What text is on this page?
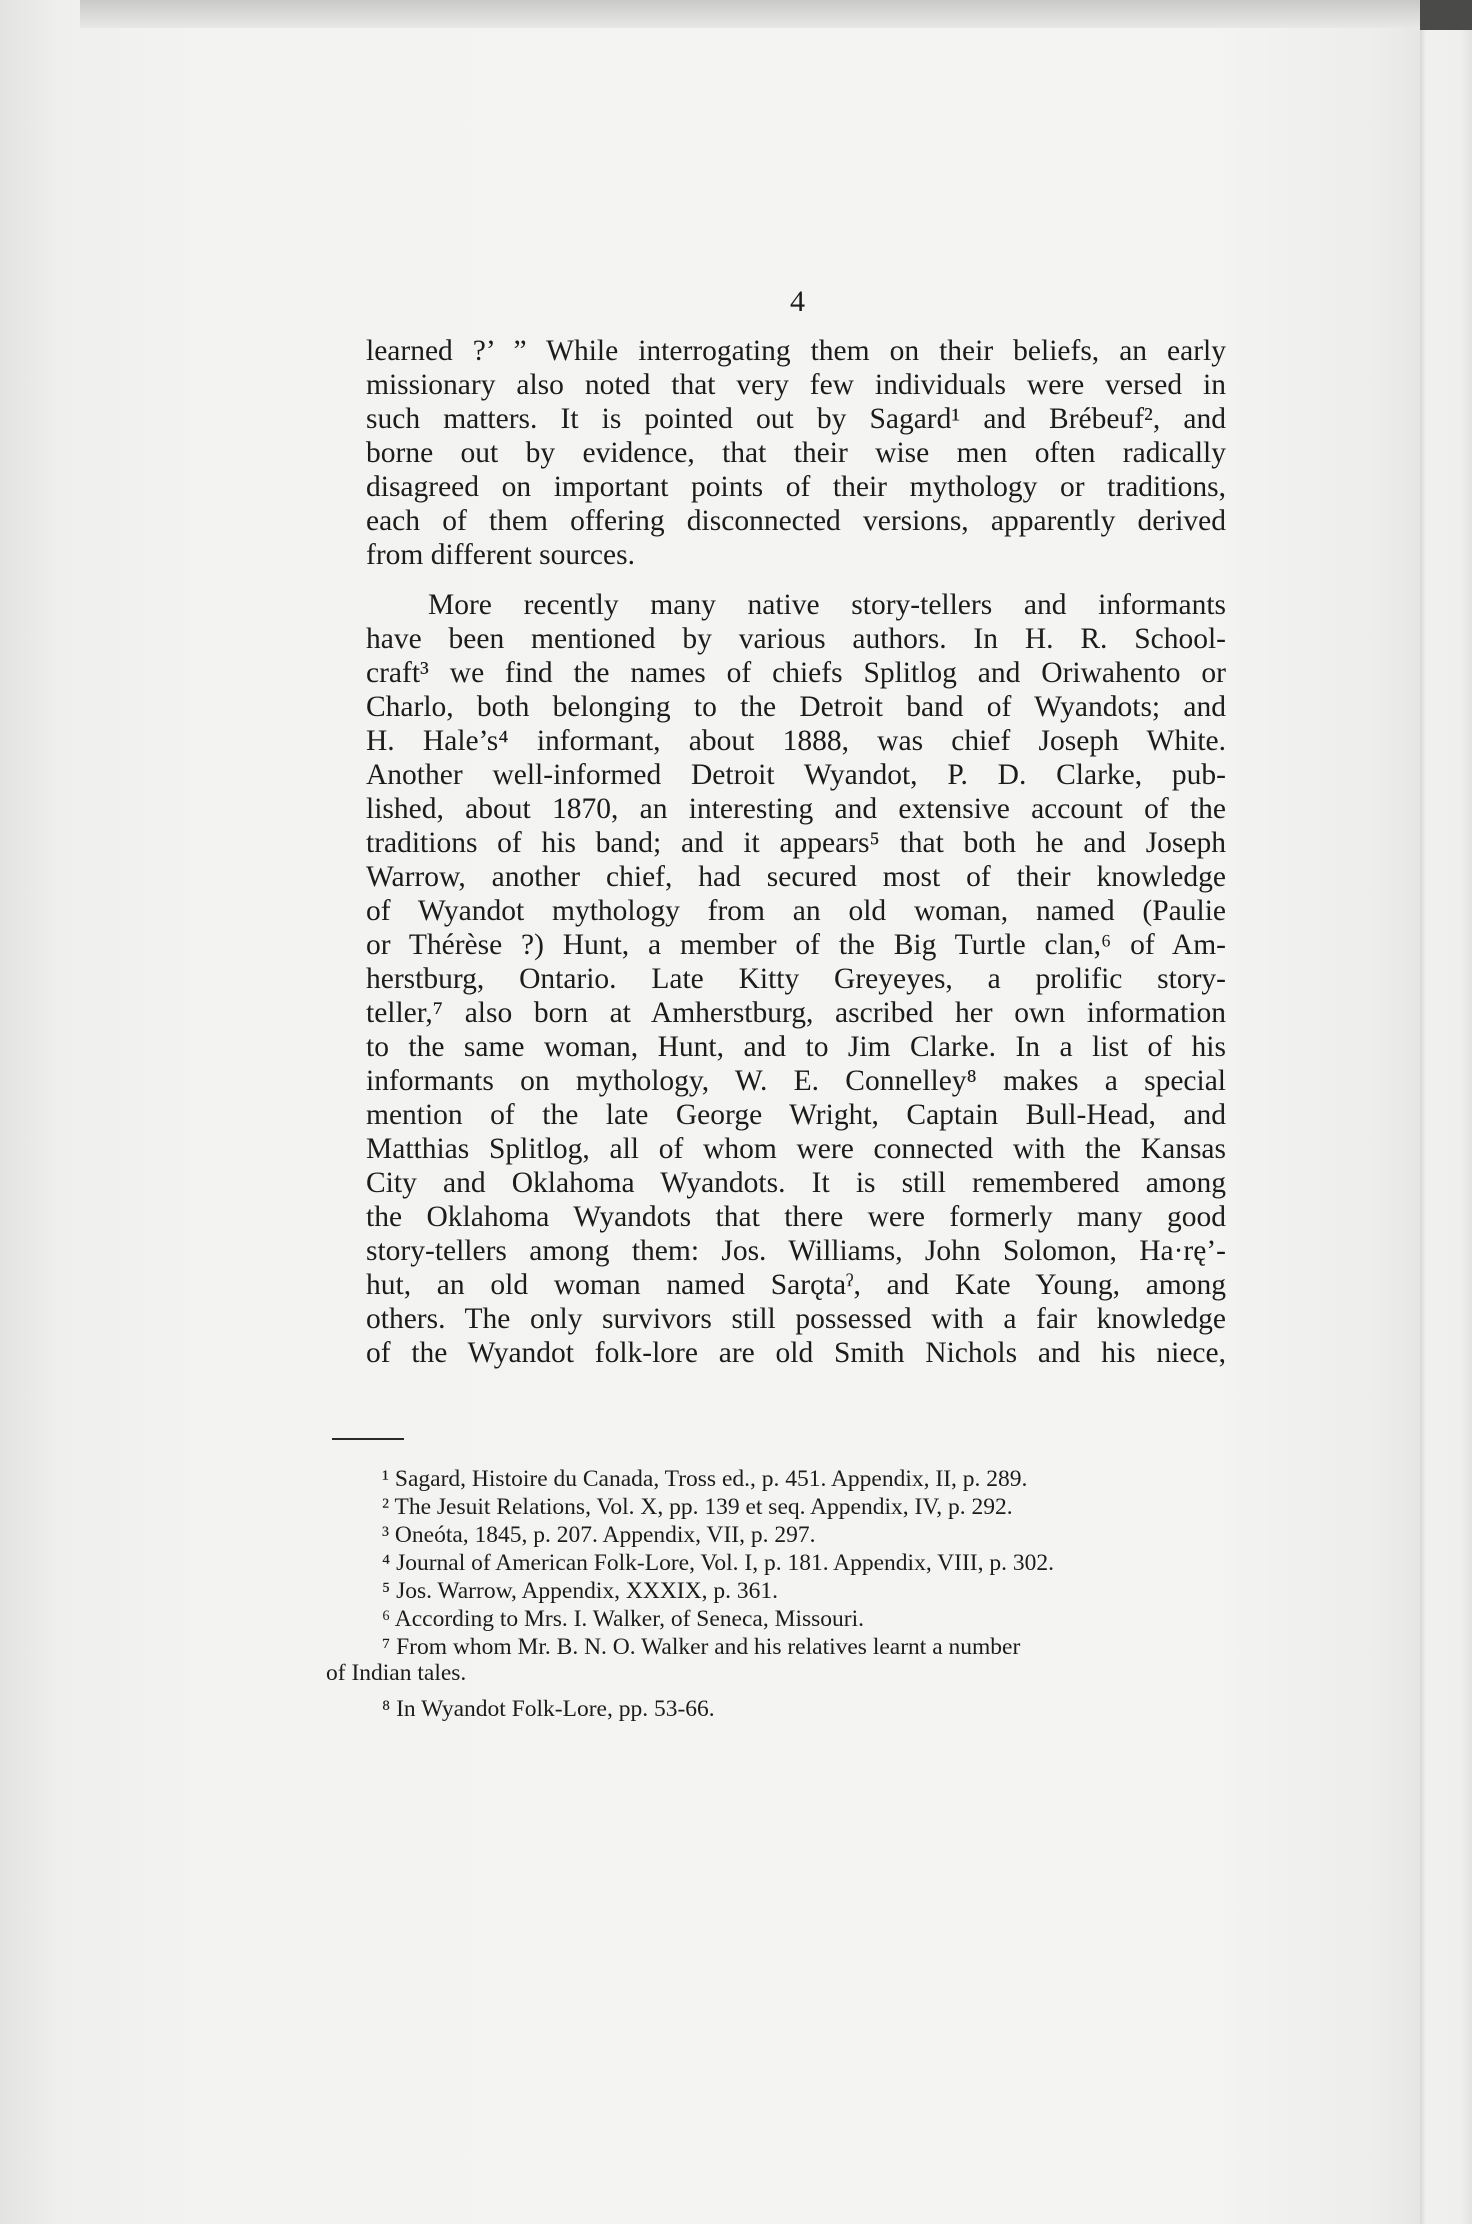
4
learned ?’ ” While interrogating them on their beliefs, an early
missionary also noted that very few individuals were versed in
such matters. It is pointed out by Sagard¹ and Brébeuf², and
borne out by evidence, that their wise men often radically
disagreed on important points of their mythology or traditions,
each of them offering disconnected versions, apparently derived
from different sources.
More recently many native story-tellers and informants
have been mentioned by various authors. In H. R. School-
craft³ we find the names of chiefs Splitlog and Oriwahento or
Charlo, both belonging to the Detroit band of Wyandots; and
H. Hale’s⁴ informant, about 1888, was chief Joseph White.
Another well-informed Detroit Wyandot, P. D. Clarke, pub-
lished, about 1870, an interesting and extensive account of the
traditions of his band; and it appears⁵ that both he and Joseph
Warrow, another chief, had secured most of their knowledge
of Wyandot mythology from an old woman, named (Paulie
or Thérèse ?) Hunt, a member of the Big Turtle clan,⁶ of Am-
herstburg, Ontario. Late Kitty Greyeyes, a prolific story-
teller,⁷ also born at Amherstburg, ascribed her own information
to the same woman, Hunt, and to Jim Clarke. In a list of his
informants on mythology, W. E. Connelley⁸ makes a special
mention of the late George Wright, Captain Bull-Head, and
Matthias Splitlog, all of whom were connected with the Kansas
City and Oklahoma Wyandots. It is still remembered among
the Oklahoma Wyandots that there were formerly many good
story-tellers among them: Jos. Williams, John Solomon, Ha·rę’-
hut, an old woman named Sarǫtaˀ, and Kate Young, among
others. The only survivors still possessed with a fair knowledge
of the Wyandot folk-lore are old Smith Nichols and his niece,
¹ Sagard, Histoire du Canada, Tross ed., p. 451. Appendix, II, p. 289.
² The Jesuit Relations, Vol. X, pp. 139 et seq. Appendix, IV, p. 292.
³ Oneóta, 1845, p. 207. Appendix, VII, p. 297.
⁴ Journal of American Folk-Lore, Vol. I, p. 181. Appendix, VIII, p. 302.
⁵ Jos. Warrow, Appendix, XXXIX, p. 361.
⁶ According to Mrs. I. Walker, of Seneca, Missouri.
⁷ From whom Mr. B. N. O. Walker and his relatives learnt a number
of Indian tales.
⁸ In Wyandot Folk-Lore, pp. 53-66.
